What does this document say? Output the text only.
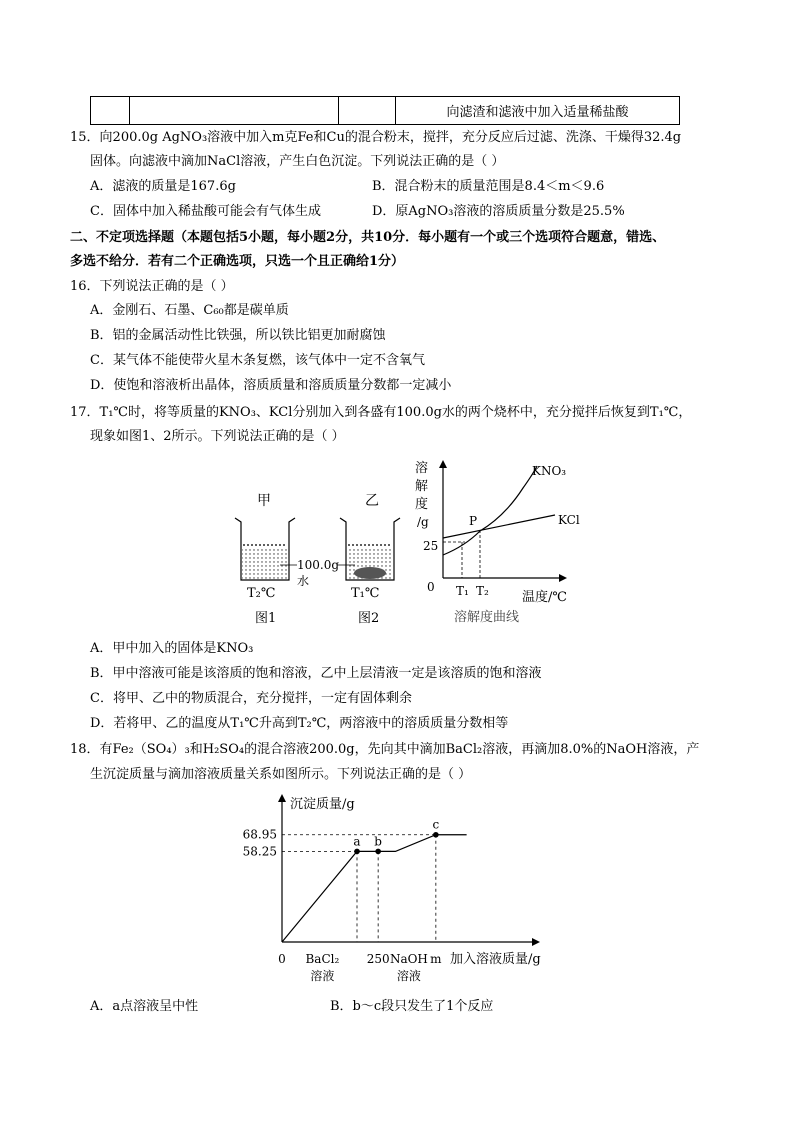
			向滤渣和滤液中加入适量稀盐酸
15．向200.0g AgNO₃溶液中加入m克Fe和Cu的混合粉末，搅拌，充分反应后过滤、洗涤、干燥得32.4g
固体。向滤液中滴加NaCl溶液，产生白色沉淀。下列说法正确的是（ ）
A．滤液的质量是167.6g	B．混合粉末的质量范围是8.4＜m＜9.6
C．固体中加入稀盐酸可能会有气体生成	D．原AgNO₃溶液的溶质质量分数是25.5%
二、不定项选择题（本题包括5小题，每小题2分，共10分．每小题有一个或三个选项符合题意，错选、
多选不给分．若有二个正确选项，只选一个且正确给1分）
16．下列说法正确的是（ ）
A．金刚石、石墨、C₆₀都是碳单质
B．铝的金属活动性比铁强，所以铁比铝更加耐腐蚀
C．某气体不能使带火星木条复燃，该气体中一定不含氧气
D．使饱和溶液析出晶体，溶质质量和溶质质量分数都一定减小
17．T₁℃时，将等质量的KNO₃、KCl分别加入到各盛有100.0g水的两个烧杯中，充分搅拌后恢复到T₁℃，
现象如图1、2所示。下列说法正确的是（ ）
甲	乙
100.0g
水
T₂℃	T₁℃
图1	图2
溶
解
度
/g
25
0 T₁ T₂
P
KNO₃
KCl
温度/℃
溶解度曲线
A．甲中加入的固体是KNO₃
B．甲中溶液可能是该溶质的饱和溶液，乙中上层清液一定是该溶质的饱和溶液
C．将甲、乙中的物质混合，充分搅拌，一定有固体剩余
D．若将甲、乙的温度从T₁℃升高到T₂℃，两溶液中的溶质质量分数相等
18．有Fe₂（SO₄）₃和H₂SO₄的混合溶液200.0g，先向其中滴加BaCl₂溶液，再滴加8.0%的NaOH溶液，产
生沉淀质量与滴加溶液质量关系如图所示。下列说法正确的是（ ）
沉淀质量/g
加入溶液质量/g
68.95
58.25
0	250	m
BaCl₂
溶液
NaOH
溶液
a b
c
A．a点溶液呈中性	B．b～c段只发生了1个反应
